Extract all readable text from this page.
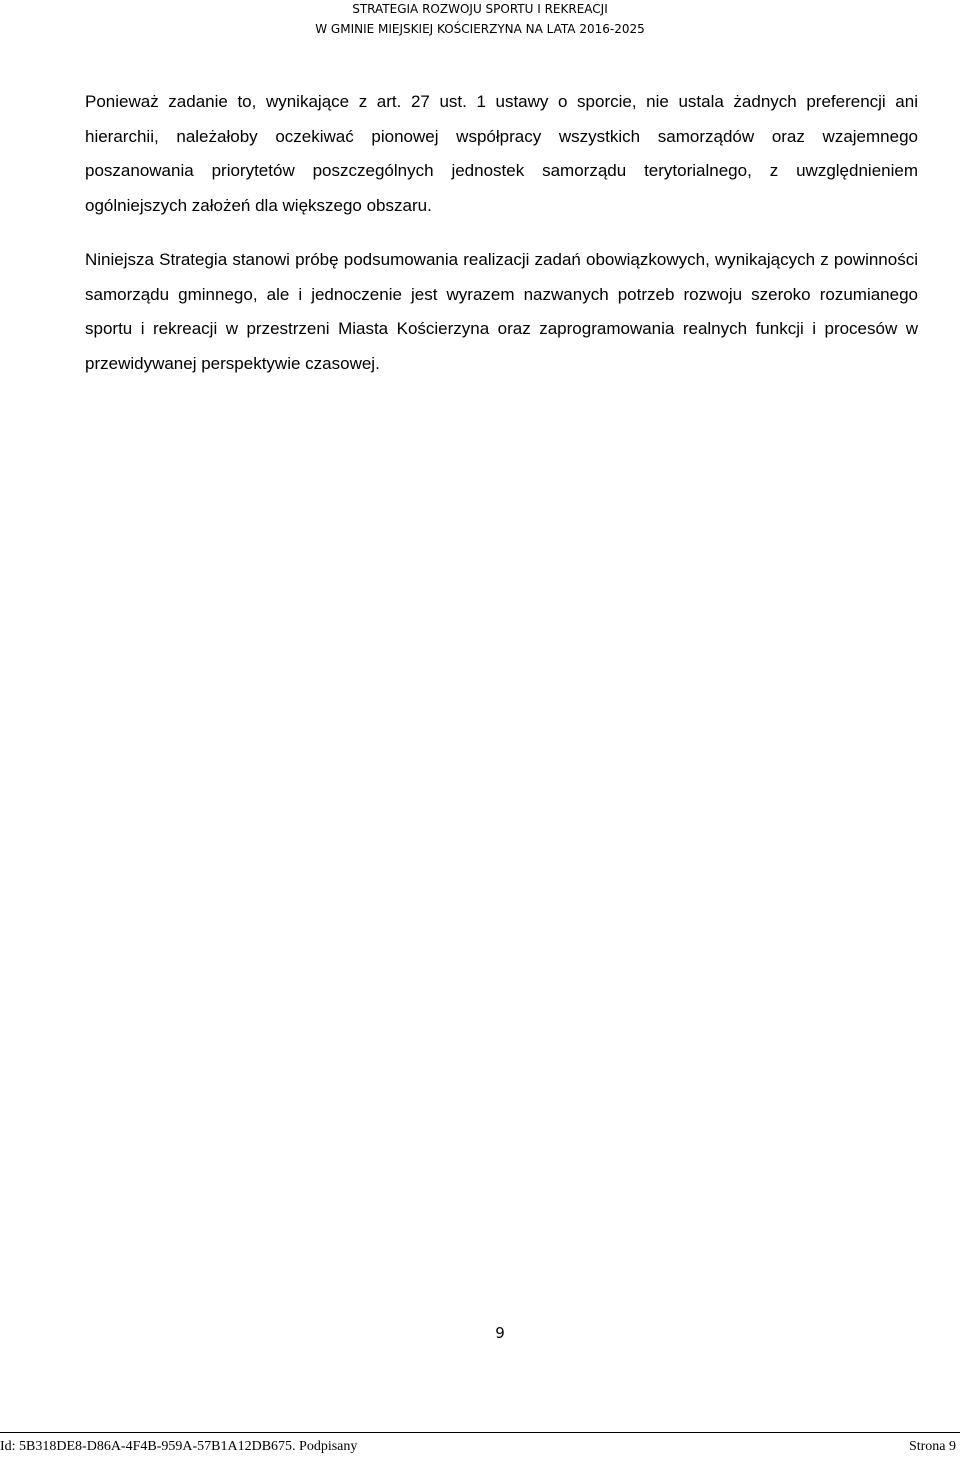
STRATEGIA ROZWOJU SPORTU I REKREACJI
W GMINIE MIEJSKIEJ KOŚCIERZYNA NA LATA 2016-2025

Ponieważ zadanie to, wynikające z art. 27 ust. 1 ustawy o sporcie, nie ustala żadnych preferencji ani hierarchii, należałoby oczekiwać pionowej współpracy wszystkich samorządów oraz wzajemnego poszanowania priorytetów poszczególnych jednostek samorządu terytorialnego, z uwzględnieniem ogólniejszych założeń dla większego obszaru.

Niniejsza Strategia stanowi próbę podsumowania realizacji zadań obowiązkowych, wynikających z powinności samorządu gminnego, ale i jednoczenie jest wyrazem nazwanych potrzeb rozwoju szeroko rozumianego sportu i rekreacji w przestrzeni Miasta Kościerzyna oraz zaprogramowania realnych funkcji i procesów w przewidywanej perspektywie czasowej.

9
Id: 5B318DE8-D86A-4F4B-959A-57B1A12DB675. Podpisany	Strona 9
